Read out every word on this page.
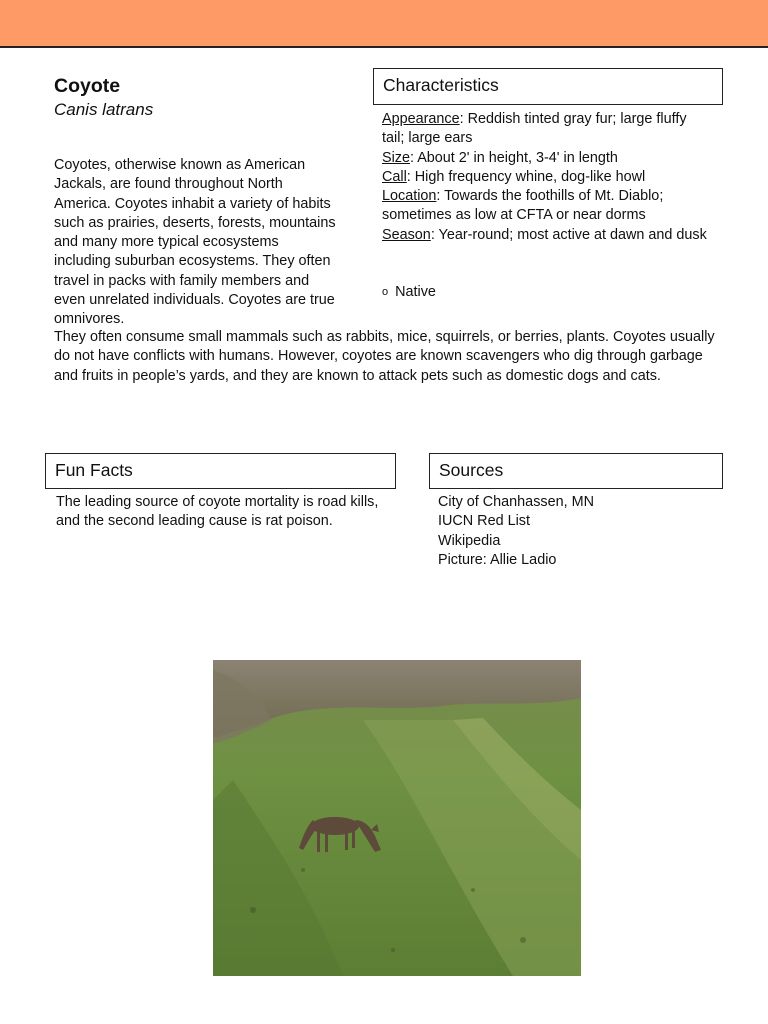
Coyote
Canis latrans

Coyotes, otherwise known as American Jackals, are found throughout North America. Coyotes inhabit a variety of habits such as prairies, deserts, forests, mountains and many more typical ecosystems including suburban ecosystems. They often travel in packs with family members and even unrelated individuals. Coyotes are true omnivores.

They often consume small mammals such as rabbits, mice, squirrels, or berries, plants. Coyotes usually do not have conflicts with humans. However, coyotes are known scavengers who dig through garbage and fruits in people’s yards, and they are known to attack pets such as domestic dogs and cats.

Characteristics

Appearance: Reddish tinted gray fur; large fluffy tail; large ears

Size: About 2' in height, 3-4' in length

Call: High frequency whine, dog-like howl

Location: Towards the foothills of Mt. Diablo; sometimes as low at CFTA or near dorms

Season: Year-round; most active at dawn and dusk

o Native
Fun Facts

The leading source of coyote mortality is road kills, and the second leading cause is rat poison.

Sources
City of Chanhassen, MN
IUCN Red List
Wikipedia
Picture: Allie Ladio
